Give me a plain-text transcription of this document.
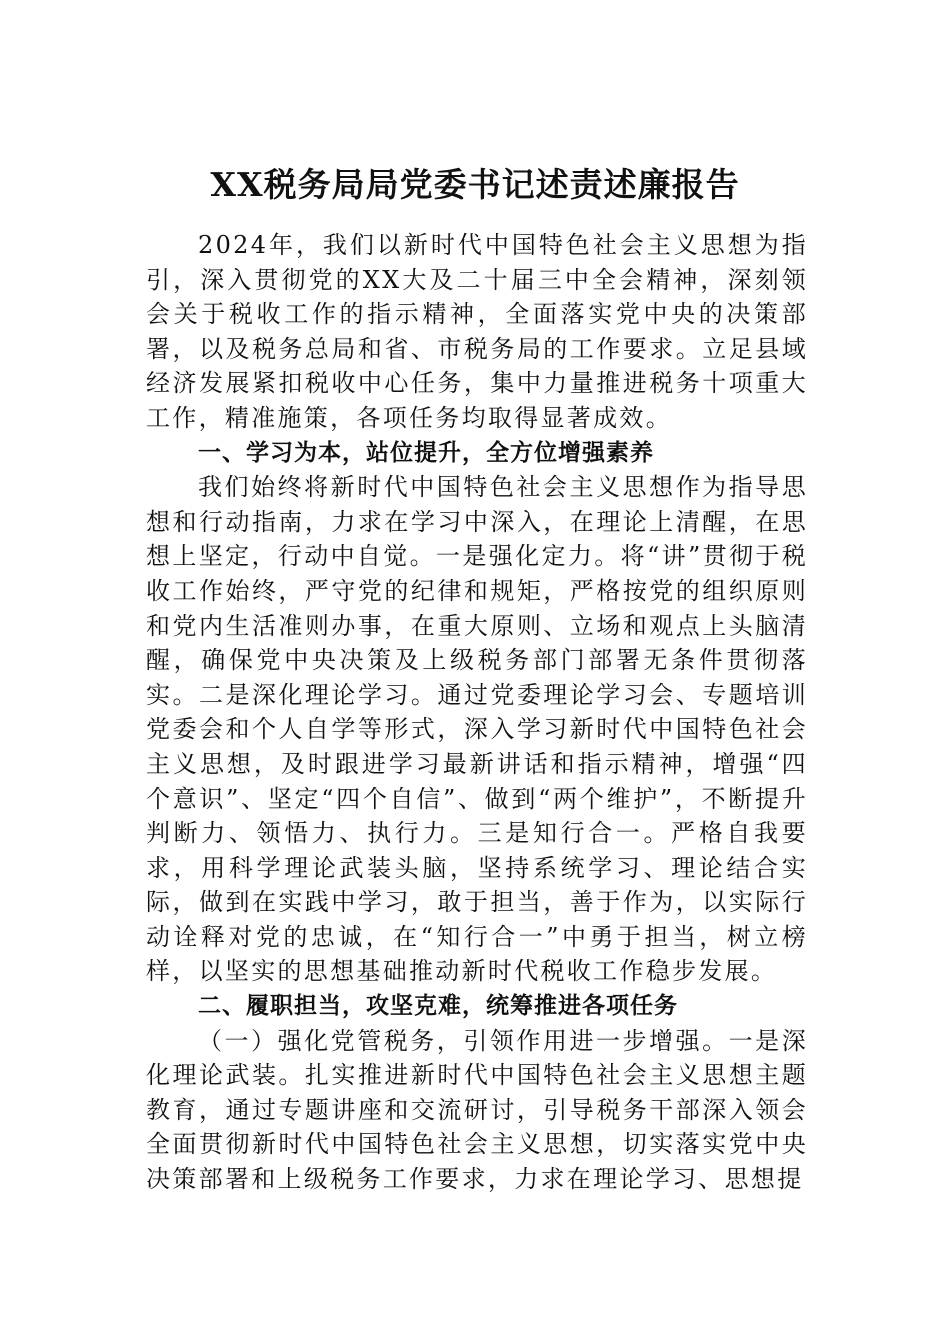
XX税务局局党委书记述责述廉报告

2024年，我们以新时代中国特色社会主义思想为指引，深入贯彻党的XX大及二十届三中全会精神，深刻领会关于税收工作的指示精神，全面落实党中央的决策部署，以及税务总局和省、市税务局的工作要求。立足县域经济发展紧扣税收中心任务，集中力量推进税务十项重大工作，精准施策，各项任务均取得显著成效。

一、学习为本，站位提升，全方位增强素养

我们始终将新时代中国特色社会主义思想作为指导思想和行动指南，力求在学习中深入，在理论上清醒，在思想上坚定，行动中自觉。一是强化定力。将“讲”贯彻于税收工作始终，严守党的纪律和规矩，严格按党的组织原则和党内生活准则办事，在重大原则、立场和观点上头脑清醒，确保党中央决策及上级税务部门部署无条件贯彻落实。二是深化理论学习。通过党委理论学习会、专题培训党委会和个人自学等形式，深入学习新时代中国特色社会主义思想，及时跟进学习最新讲话和指示精神，增强“四个意识”、坚定“四个自信”、做到“两个维护”，不断提升判断力、领悟力、执行力。三是知行合一。严格自我要求，用科学理论武装头脑，坚持系统学习、理论结合实际，做到在实践中学习，敢于担当，善于作为，以实际行动诠释对党的忠诚，在“知行合一”中勇于担当，树立榜样，以坚实的思想基础推动新时代税收工作稳步发展。

二、履职担当，攻坚克难，统筹推进各项任务

（一）强化党管税务，引领作用进一步增强。一是深化理论武装。扎实推进新时代中国特色社会主义思想主题教育，通过专题讲座和交流研讨，引导税务干部深入领会全面贯彻新时代中国特色社会主义思想，切实落实党中央决策部署和上级税务工作要求，力求在理论学习、思想提
